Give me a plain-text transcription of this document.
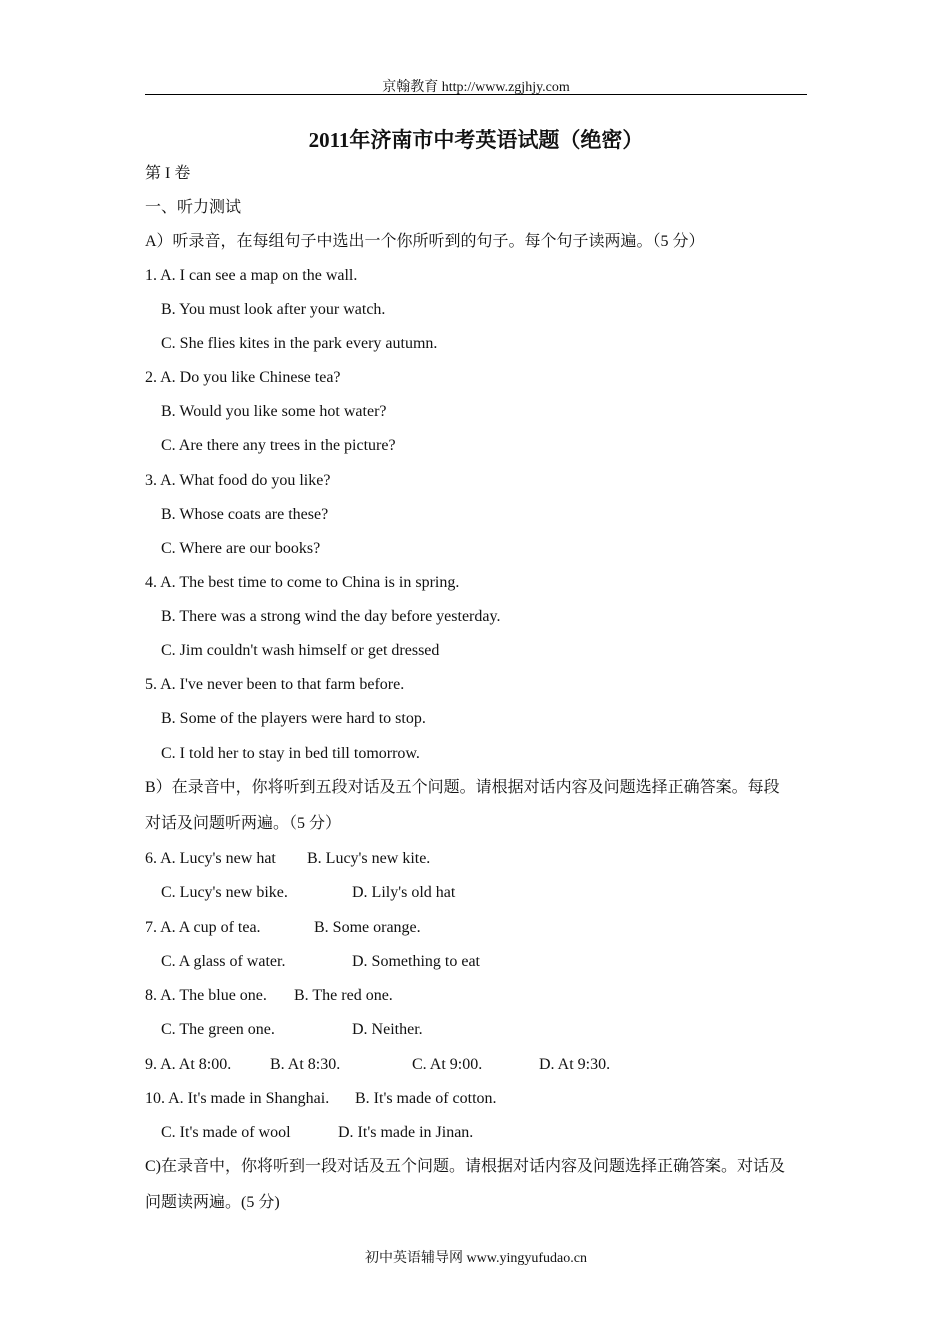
京翰教育 http://www.zgjhjy.com
2011年济南市中考英语试题（绝密）
第 I 卷
一、听力测试
A）听录音，在每组句子中选出一个你所听到的句子。每个句子读两遍。（5 分）
1. A. I can see a map on the wall.
B. You must look after your watch.
C. She flies kites in the park every autumn.
2. A. Do you like Chinese tea?
B. Would you like some hot water?
C. Are there any trees in the picture?
3. A. What food do you like?
B. Whose coats are these?
C. Where are our books?
4. A. The best time to come to China is in spring.
B. There was a strong wind the day before yesterday.
C. Jim couldn't wash himself or get dressed
5. A. I've never been to that farm before.
B. Some of the players were hard to stop.
C. I told her to stay in bed till tomorrow.
B）在录音中，你将听到五段对话及五个问题。请根据对话内容及问题选择正确答案。每段
对话及问题听两遍。（5 分）
6. A. Lucy's new hat B. Lucy's new kite.
C. Lucy's new bike.	D. Lily's old hat
7. A. A cup of tea.	B. Some orange.
C. A glass of water.	D. Something to eat
8. A. The blue one. B. The red one.
C. The green one.	D. Neither.
9. A. At 8:00. B. At 8:30.	C. At 9:00.	D. At 9:30.
10. A. It's made in Shanghai. B. It's made of cotton.
C. It's made of wool	D. It's made in Jinan.
C)在录音中，你将听到一段对话及五个问题。请根据对话内容及问题选择正确答案。对话及
问题读两遍。(5 分)
初中英语辅导网 www.yingyufudao.cn
